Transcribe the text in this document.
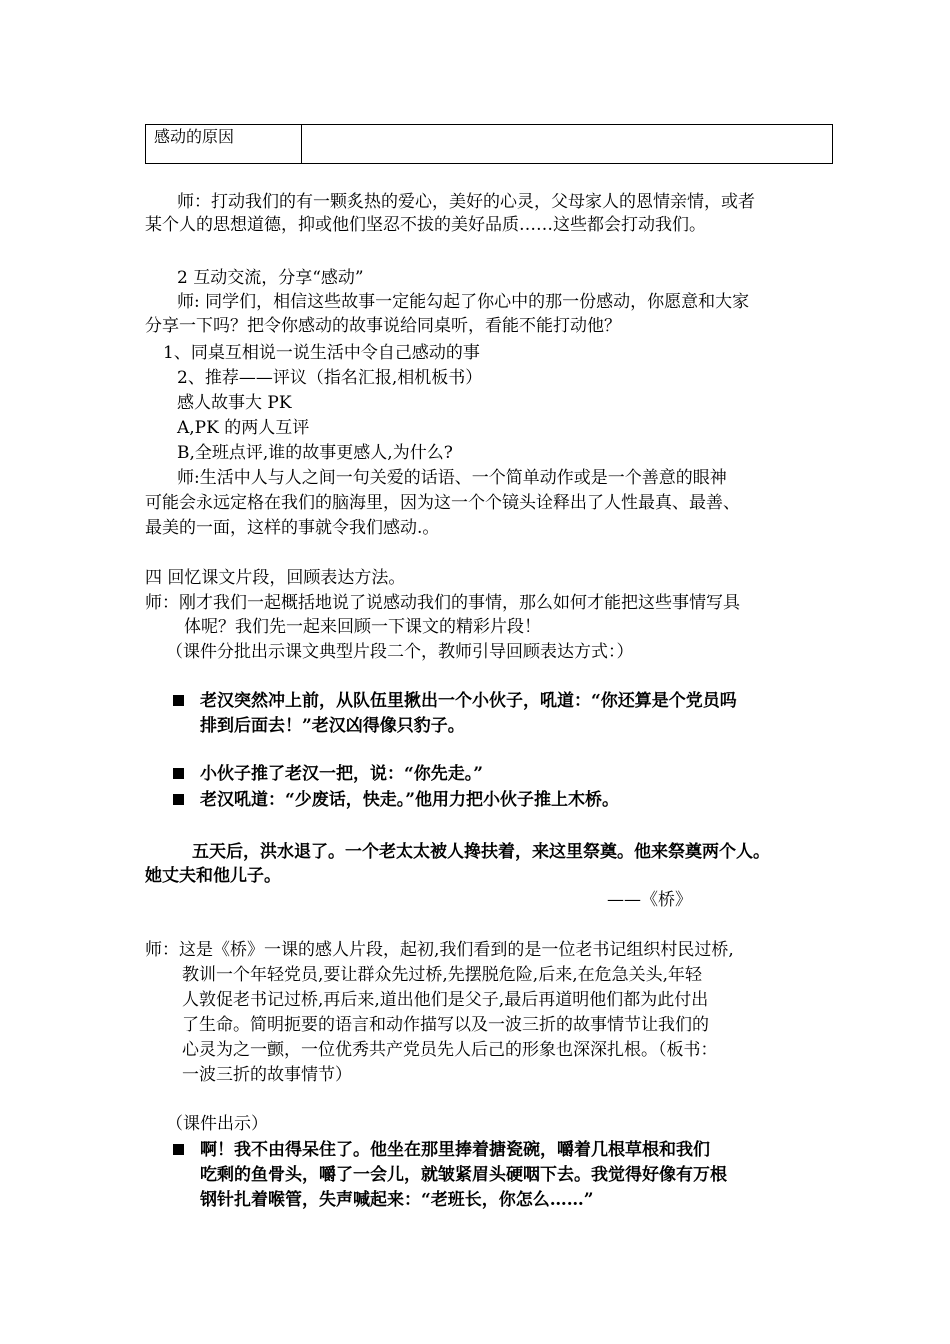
感动的原因
师：打动我们的有一颗炙热的爱心，美好的心灵，父母家人的恩情亲情，或者
某个人的思想道德，抑或他们坚忍不拔的美好品质……这些都会打动我们。
2 互动交流，分享“感动”
师: 同学们，相信这些故事一定能勾起了你心中的那一份感动，你愿意和大家
分享一下吗？把令你感动的故事说给同桌听，看能不能打动他？
1、同桌互相说一说生活中令自己感动的事
2、推荐——评议（指名汇报,相机板书）
感人故事大 PK
A,PK 的两人互评
B,全班点评,谁的故事更感人,为什么?
师:生活中人与人之间一句关爱的话语、一个简单动作或是一个善意的眼神
可能会永远定格在我们的脑海里，因为这一个个镜头诠释出了人性最真、最善、
最美的一面，这样的事就令我们感动.。
四 回忆课文片段，回顾表达方法。
师：刚才我们一起概括地说了说感动我们的事情，那么如何才能把这些事情写具
体呢？我们先一起来回顾一下课文的精彩片段！
（课件分批出示课文典型片段二个，教师引导回顾表达方式：）
老汉突然冲上前，从队伍里揪出一个小伙子，吼道：“你还算是个党员吗
排到后面去！”老汉凶得像只豹子。
小伙子推了老汉一把，说：“你先走。”
老汉吼道：“少废话，快走。”他用力把小伙子推上木桥。
五天后，洪水退了。一个老太太被人搀扶着，来这里祭奠。他来祭奠两个人。
她丈夫和他儿子。
——《桥》
师：这是《桥》一课的感人片段，起初,我们看到的是一位老书记组织村民过桥,
教训一个年轻党员,要让群众先过桥,先摆脱危险,后来,在危急关头,年轻
人敦促老书记过桥,再后来,道出他们是父子,最后再道明他们都为此付出
了生命。简明扼要的语言和动作描写以及一波三折的故事情节让我们的
心灵为之一颤，一位优秀共产党员先人后己的形象也深深扎根。（板书：
一波三折的故事情节）
（课件出示）
啊！我不由得呆住了。他坐在那里捧着搪瓷碗，嚼着几根草根和我们
吃剩的鱼骨头，嚼了一会儿，就皱紧眉头硬咽下去。我觉得好像有万根
钢针扎着喉管，失声喊起来：“老班长，你怎么……”
